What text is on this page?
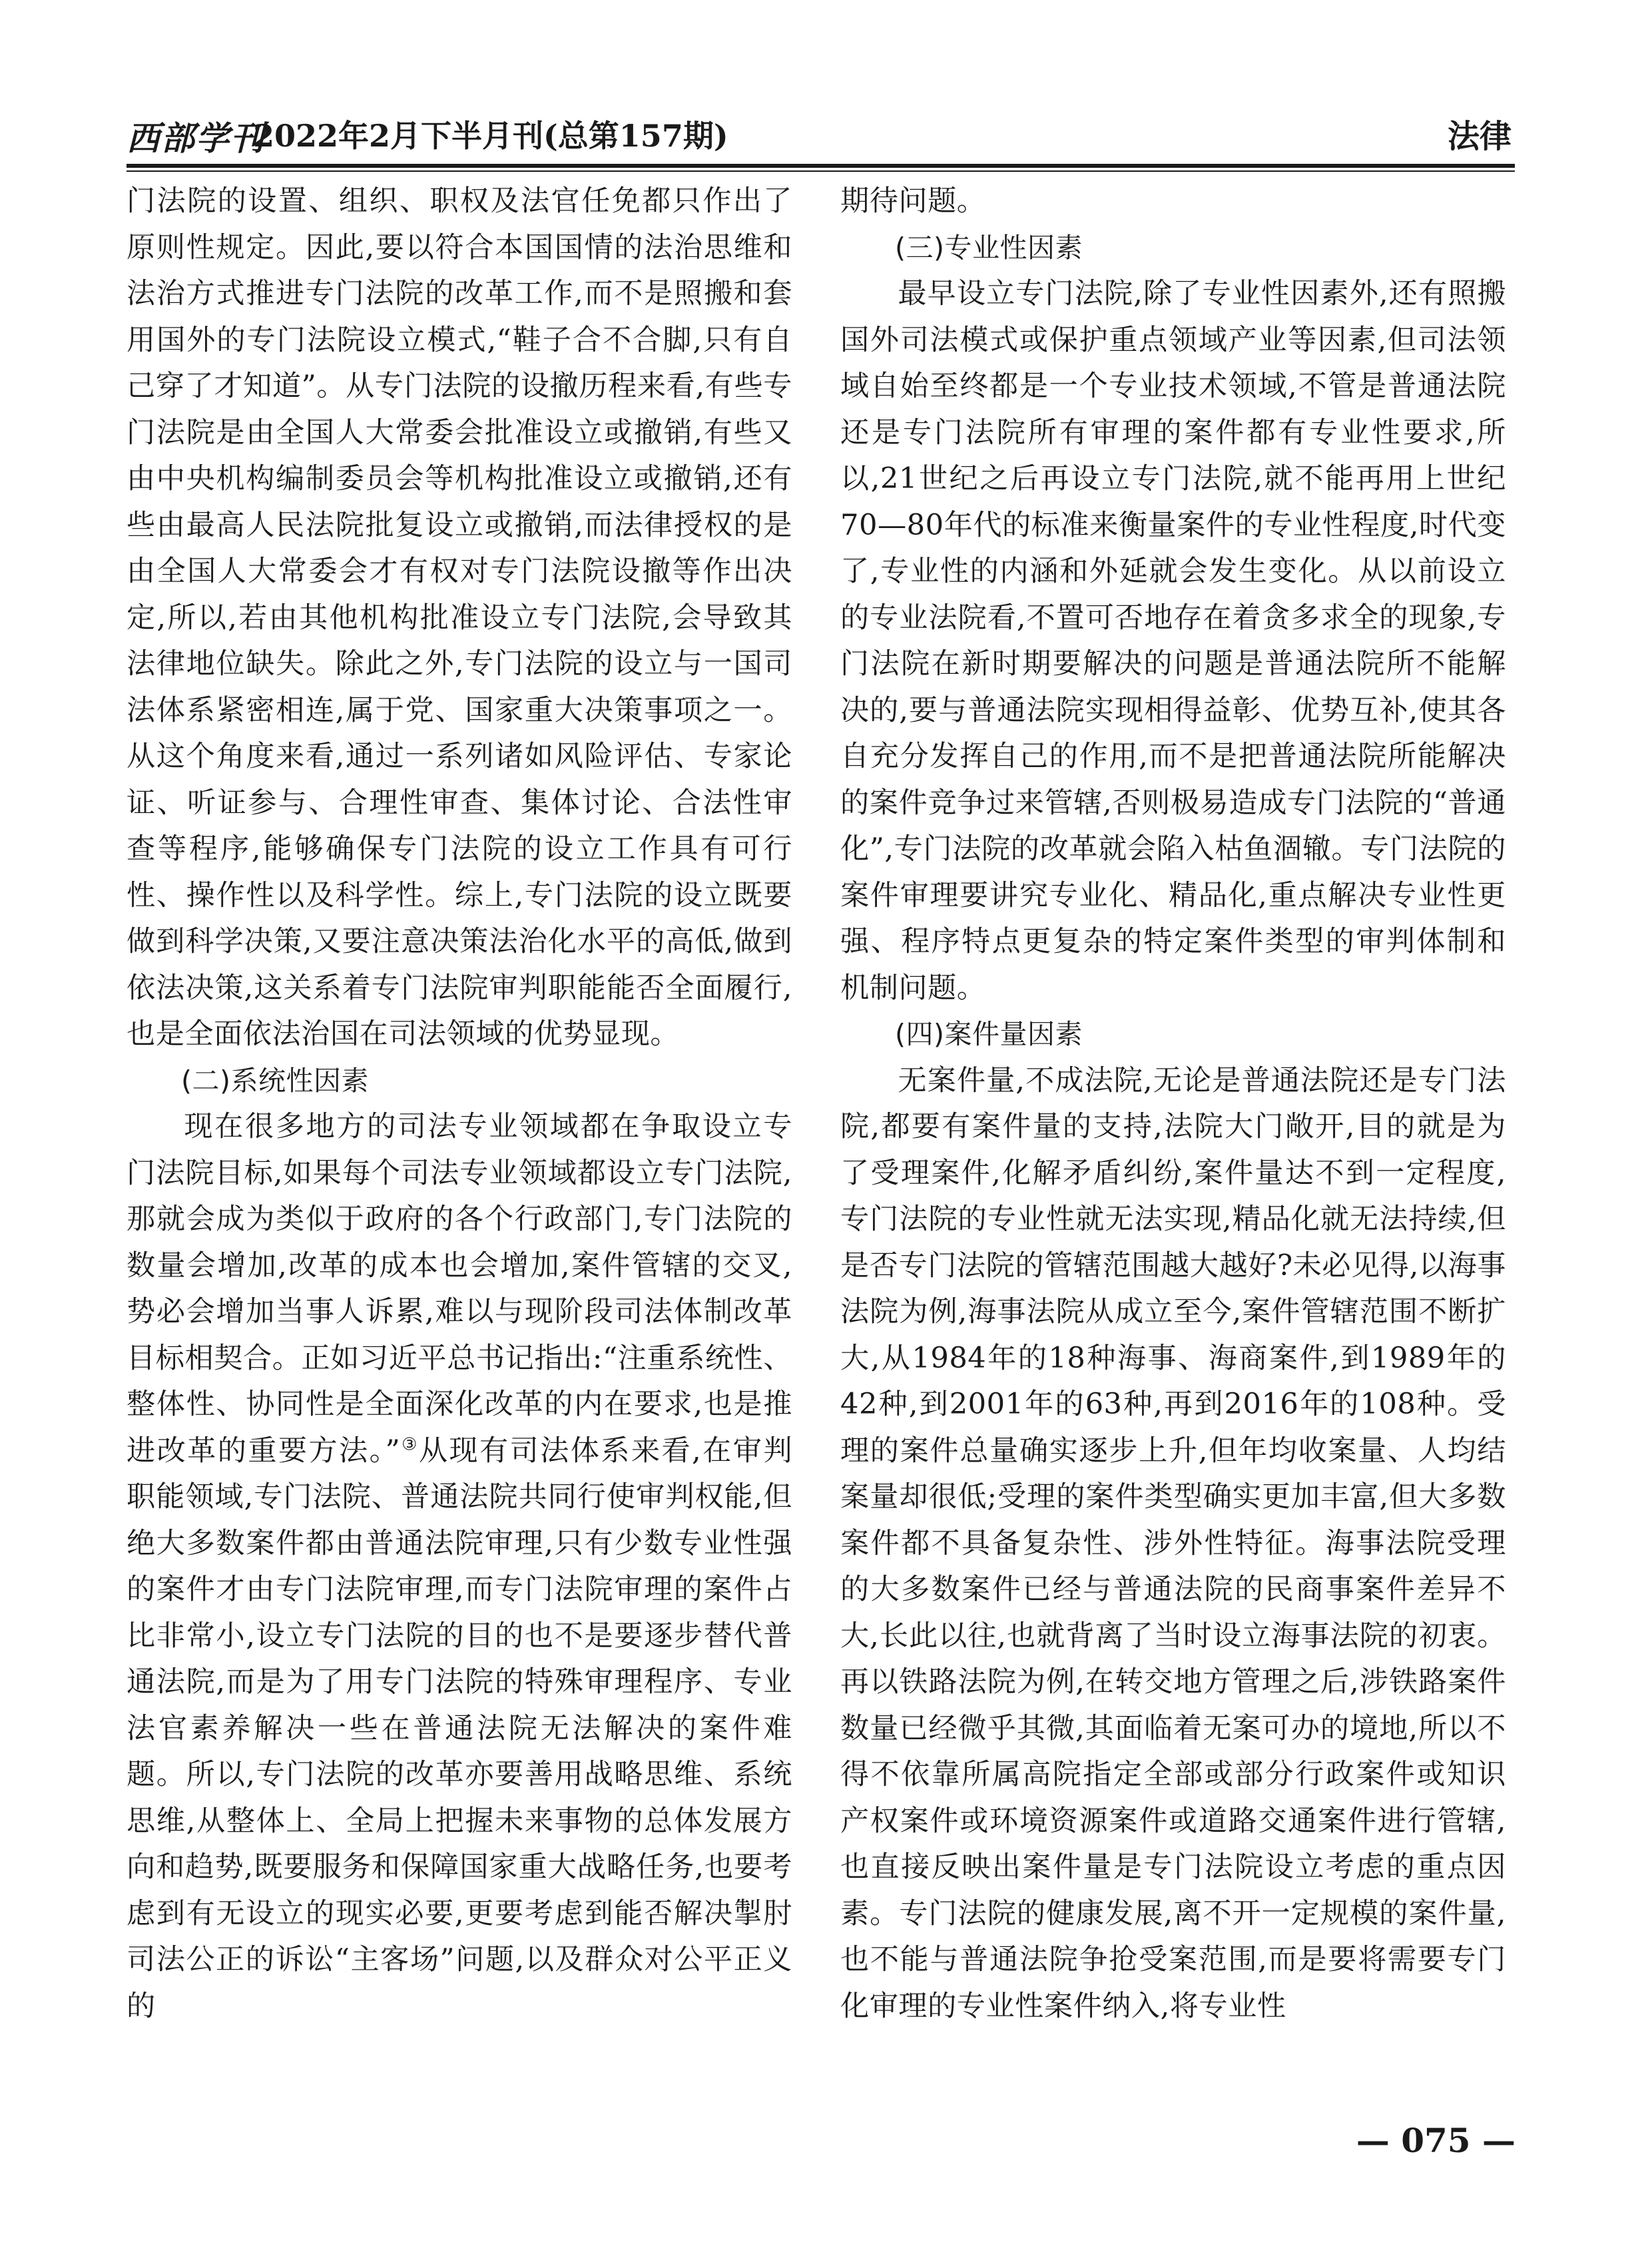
西部学刊
2022年2月下半月刊(总第157期)	法律

门法院的设置、组织、职权及法官任免都只作出了原则性规定。因此,要以符合本国国情的法治思维和法治方式推进专门法院的改革工作,而不是照搬和套用国外的专门法院设立模式,“鞋子合不合脚,只有自己穿了才知道”。从专门法院的设撤历程来看,有些专门法院是由全国人大常委会批准设立或撤销,有些又由中央机构编制委员会等机构批准设立或撤销,还有些由最高人民法院批复设立或撤销,而法律授权的是由全国人大常委会才有权对专门法院设撤等作出决定,所以,若由其他机构批准设立专门法院,会导致其法律地位缺失。除此之外,专门法院的设立与一国司法体系紧密相连,属于党、国家重大决策事项之一。从这个角度来看,通过一系列诸如风险评估、专家论证、听证参与、合理性审查、集体讨论、合法性审查等程序,能够确保专门法院的设立工作具有可行性、操作性以及科学性。综上,专门法院的设立既要做到科学决策,又要注意决策法治化水平的高低,做到依法决策,这关系着专门法院审判职能能否全面履行,也是全面依法治国在司法领域的优势显现。

(二)系统性因素

现在很多地方的司法专业领域都在争取设立专门法院目标,如果每个司法专业领域都设立专门法院,那就会成为类似于政府的各个行政部门,专门法院的数量会增加,改革的成本也会增加,案件管辖的交叉,势必会增加当事人诉累,难以与现阶段司法体制改革目标相契合。正如习近平总书记指出:“注重系统性、整体性、协同性是全面深化改革的内在要求,也是推进改革的重要方法。”③从现有司法体系来看,在审判职能领域,专门法院、普通法院共同行使审判权能,但绝大多数案件都由普通法院审理,只有少数专业性强的案件才由专门法院审理,而专门法院审理的案件占比非常小,设立专门法院的目的也不是要逐步替代普通法院,而是为了用专门法院的特殊审理程序、专业法官素养解决一些在普通法院无法解决的案件难题。所以,专门法院的改革亦要善用战略思维、系统思维,从整体上、全局上把握未来事物的总体发展方向和趋势,既要服务和保障国家重大战略任务,也要考虑到有无设立的现实必要,更要考虑到能否解决掣肘司法公正的诉讼“主客场”问题,以及群众对公平正义的

期待问题。

(三)专业性因素

最早设立专门法院,除了专业性因素外,还有照搬国外司法模式或保护重点领域产业等因素,但司法领域自始至终都是一个专业技术领域,不管是普通法院还是专门法院所有审理的案件都有专业性要求,所以,21世纪之后再设立专门法院,就不能再用上世纪70—80年代的标准来衡量案件的专业性程度,时代变了,专业性的内涵和外延就会发生变化。从以前设立的专业法院看,不置可否地存在着贪多求全的现象,专门法院在新时期要解决的问题是普通法院所不能解决的,要与普通法院实现相得益彰、优势互补,使其各自充分发挥自己的作用,而不是把普通法院所能解决的案件竞争过来管辖,否则极易造成专门法院的“普通化”,专门法院的改革就会陷入枯鱼涸辙。专门法院的案件审理要讲究专业化、精品化,重点解决专业性更强、程序特点更复杂的特定案件类型的审判体制和机制问题。

(四)案件量因素

无案件量,不成法院,无论是普通法院还是专门法院,都要有案件量的支持,法院大门敞开,目的就是为了受理案件,化解矛盾纠纷,案件量达不到一定程度,专门法院的专业性就无法实现,精品化就无法持续,但是否专门法院的管辖范围越大越好?未必见得,以海事法院为例,海事法院从成立至今,案件管辖范围不断扩大,从1984年的18种海事、海商案件,到1989年的42种,到2001年的63种,再到2016年的108种。受理的案件总量确实逐步上升,但年均收案量、人均结案量却很低;受理的案件类型确实更加丰富,但大多数案件都不具备复杂性、涉外性特征。海事法院受理的大多数案件已经与普通法院的民商事案件差异不大,长此以往,也就背离了当时设立海事法院的初衷。再以铁路法院为例,在转交地方管理之后,涉铁路案件数量已经微乎其微,其面临着无案可办的境地,所以不得不依靠所属高院指定全部或部分行政案件或知识产权案件或环境资源案件或道路交通案件进行管辖,也直接反映出案件量是专门法院设立考虑的重点因素。专门法院的健康发展,离不开一定规模的案件量,也不能与普通法院争抢受案范围,而是要将需要专门化审理的专业性案件纳入,将专业性

— 075 —
